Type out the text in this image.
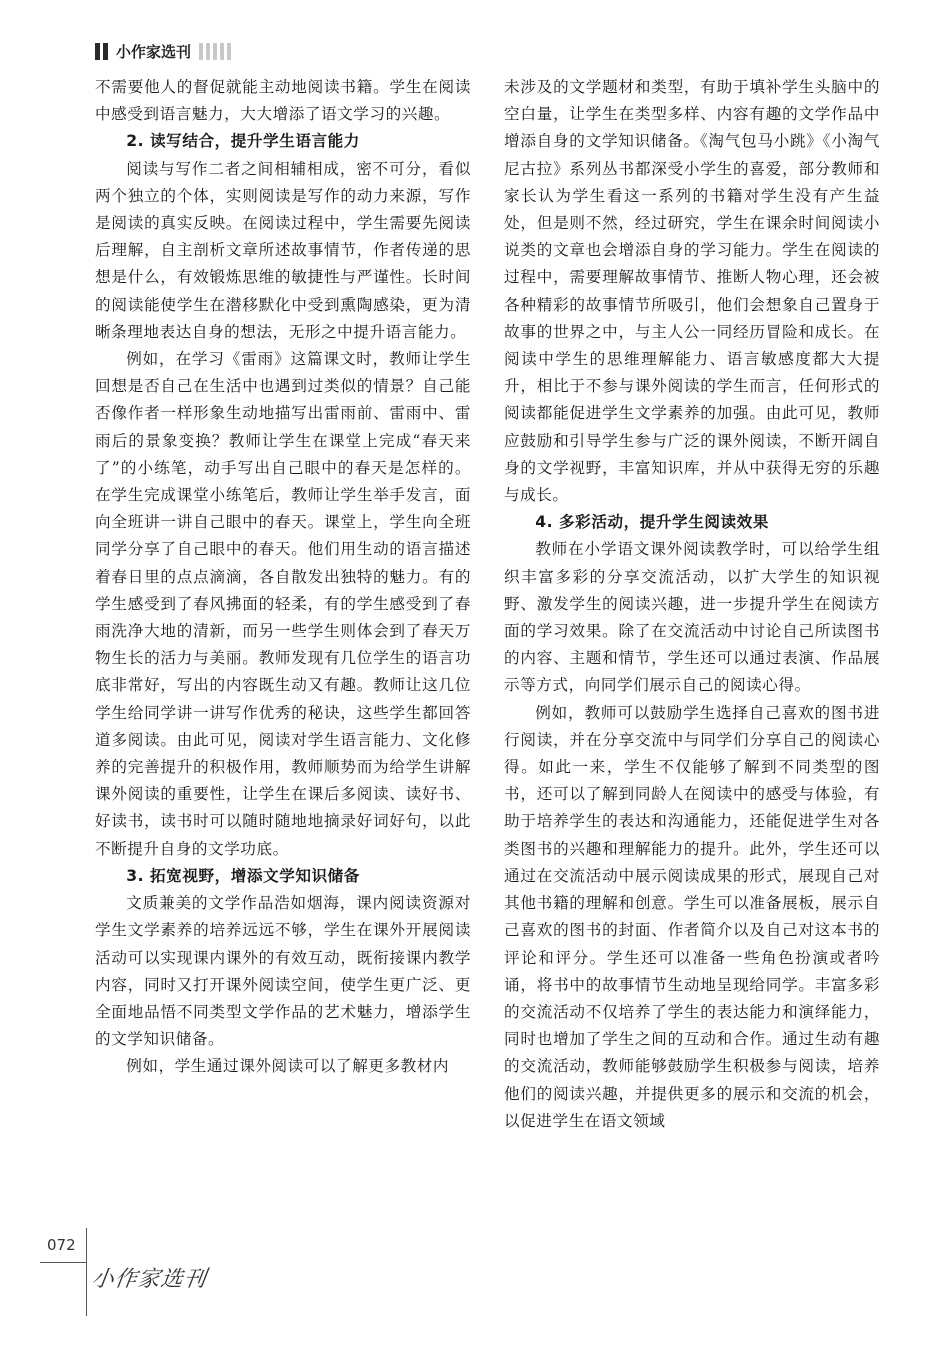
小作家选刊

不需要他人的督促就能主动地阅读书籍。学生在阅读中感受到语言魅力，大大增添了语文学习的兴趣。

2. 读写结合，提升学生语言能力

阅读与写作二者之间相辅相成，密不可分，看似两个独立的个体，实则阅读是写作的动力来源，写作是阅读的真实反映。在阅读过程中，学生需要先阅读后理解，自主剖析文章所述故事情节，作者传递的思想是什么，有效锻炼思维的敏捷性与严谨性。长时间的阅读能使学生在潜移默化中受到熏陶感染，更为清晰条理地表达自身的想法，无形之中提升语言能力。

例如，在学习《雷雨》这篇课文时，教师让学生回想是否自己在生活中也遇到过类似的情景？自己能否像作者一样形象生动地描写出雷雨前、雷雨中、雷雨后的景象变换？教师让学生在课堂上完成“春天来了”的小练笔，动手写出自己眼中的春天是怎样的。在学生完成课堂小练笔后，教师让学生举手发言，面向全班讲一讲自己眼中的春天。课堂上，学生向全班同学分享了自己眼中的春天。他们用生动的语言描述着春日里的点点滴滴，各自散发出独特的魅力。有的学生感受到了春风拂面的轻柔，有的学生感受到了春雨洗净大地的清新，而另一些学生则体会到了春天万物生长的活力与美丽。教师发现有几位学生的语言功底非常好，写出的内容既生动又有趣。教师让这几位学生给同学讲一讲写作优秀的秘诀，这些学生都回答道多阅读。由此可见，阅读对学生语言能力、文化修养的完善提升的积极作用，教师顺势而为给学生讲解课外阅读的重要性，让学生在课后多阅读、读好书、好读书，读书时可以随时随地地摘录好词好句，以此不断提升自身的文学功底。

3. 拓宽视野，增添文学知识储备

文质兼美的文学作品浩如烟海，课内阅读资源对学生文学素养的培养远远不够，学生在课外开展阅读活动可以实现课内课外的有效互动，既衔接课内教学内容，同时又打开课外阅读空间，使学生更广泛、更全面地品悟不同类型文学作品的艺术魅力，增添学生的文学知识储备。

例如，学生通过课外阅读可以了解更多教材内

未涉及的文学题材和类型，有助于填补学生头脑中的空白量，让学生在类型多样、内容有趣的文学作品中增添自身的文学知识储备。《淘气包马小跳》《小淘气尼古拉》系列丛书都深受小学生的喜爱，部分教师和家长认为学生看这一系列的书籍对学生没有产生益处，但是则不然，经过研究，学生在课余时间阅读小说类的文章也会增添自身的学习能力。学生在阅读的过程中，需要理解故事情节、推断人物心理，还会被各种精彩的故事情节所吸引，他们会想象自己置身于故事的世界之中，与主人公一同经历冒险和成长。在阅读中学生的思维理解能力、语言敏感度都大大提升，相比于不参与课外阅读的学生而言，任何形式的阅读都能促进学生文学素养的加强。由此可见，教师应鼓励和引导学生参与广泛的课外阅读，不断开阔自身的文学视野，丰富知识库，并从中获得无穷的乐趣与成长。

4. 多彩活动，提升学生阅读效果

教师在小学语文课外阅读教学时，可以给学生组织丰富多彩的分享交流活动，以扩大学生的知识视野、激发学生的阅读兴趣，进一步提升学生在阅读方面的学习效果。除了在交流活动中讨论自己所读图书的内容、主题和情节，学生还可以通过表演、作品展示等方式，向同学们展示自己的阅读心得。

例如，教师可以鼓励学生选择自己喜欢的图书进行阅读，并在分享交流中与同学们分享自己的阅读心得。如此一来，学生不仅能够了解到不同类型的图书，还可以了解到同龄人在阅读中的感受与体验，有助于培养学生的表达和沟通能力，还能促进学生对各类图书的兴趣和理解能力的提升。此外，学生还可以通过在交流活动中展示阅读成果的形式，展现自己对其他书籍的理解和创意。学生可以准备展板，展示自己喜欢的图书的封面、作者简介以及自己对这本书的评论和评分。学生还可以准备一些角色扮演或者吟诵，将书中的故事情节生动地呈现给同学。丰富多彩的交流活动不仅培养了学生的表达能力和演绎能力，同时也增加了学生之间的互动和合作。通过生动有趣的交流活动，教师能够鼓励学生积极参与阅读，培养他们的阅读兴趣，并提供更多的展示和交流的机会，以促进学生在语文领域

072
小作家选刊
